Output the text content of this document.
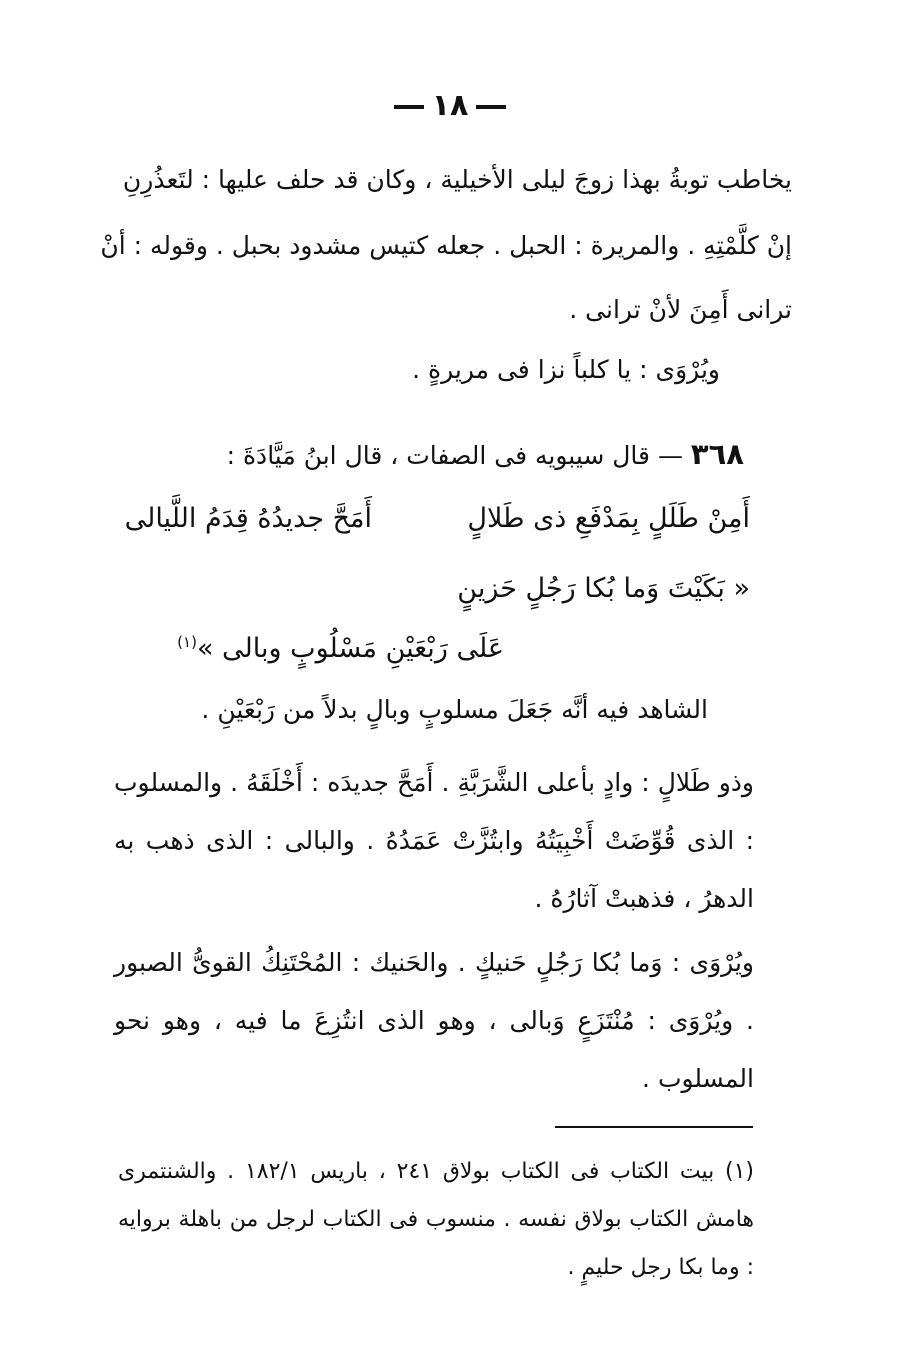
١٨
يخاطب توبةُ بهذا زوجَ ليلى الأخيلية ، وكان قد حلف عليها : لتَعذُرِنِ
إنْ كلَّمْتِهِ . والمريرة : الحبل . جعله كتيس مشدود بحبل . وقوله : أنْ
ترانى أَمِنَ لأنْ ترانى .
ويُرْوَى : يا كلباً نزا فى مريرةٍ .
٣٦٨ — قال سيبويه فى الصفات ، قال ابنُ مَيَّادَةَ :
أَمِنْ طَلَلٍ بِمَدْفَعِ ذى طَلالٍ
أَمَحَّ جديدُهُ قِدَمُ اللَّيالى
« بَكَيْتَ وَما بُكا رَجُلٍ حَزينٍ
عَلَى رَبْعَيْنِ مَسْلُوبٍ وبالى »$^{(١)}$
الشاهد فيه أنَّه جَعَلَ مسلوبٍ وبالٍ بدلاً من رَبْعَيْنِ .
وذو طَلالٍ : وادٍ بأعلى الشَّرَبَّةِ . أَمَحَّ جديدَه : أَخْلَقَهُ . والمسلوب : الذى قُوِّضَتْ أَخْبِيَتُهُ وابتُزَّتْ عَمَدُهُ . والبالى : الذى ذهب به الدهرُ ، فذهبتْ آثارُهُ .
ويُرْوَى : وَما بُكا رَجُلٍ حَنيكٍ . والحَنيك : المُحْتَنِكُ القوىُّ الصبور . ويُرْوَى : مُنْتَزَعٍ وَبالى ، وهو الذى انتُزِعَ ما فيه ، وهو نحو المسلوب .
(١) بيت الكتاب فى الكتاب بولاق ٢٤١ ، باريس ١٨٢/١ . والشنتمرى هامش الكتاب بولاق نفسه . منسوب فى الكتاب لرجل من باهلة بروايه : وما بكا رجل حليمٍ .
